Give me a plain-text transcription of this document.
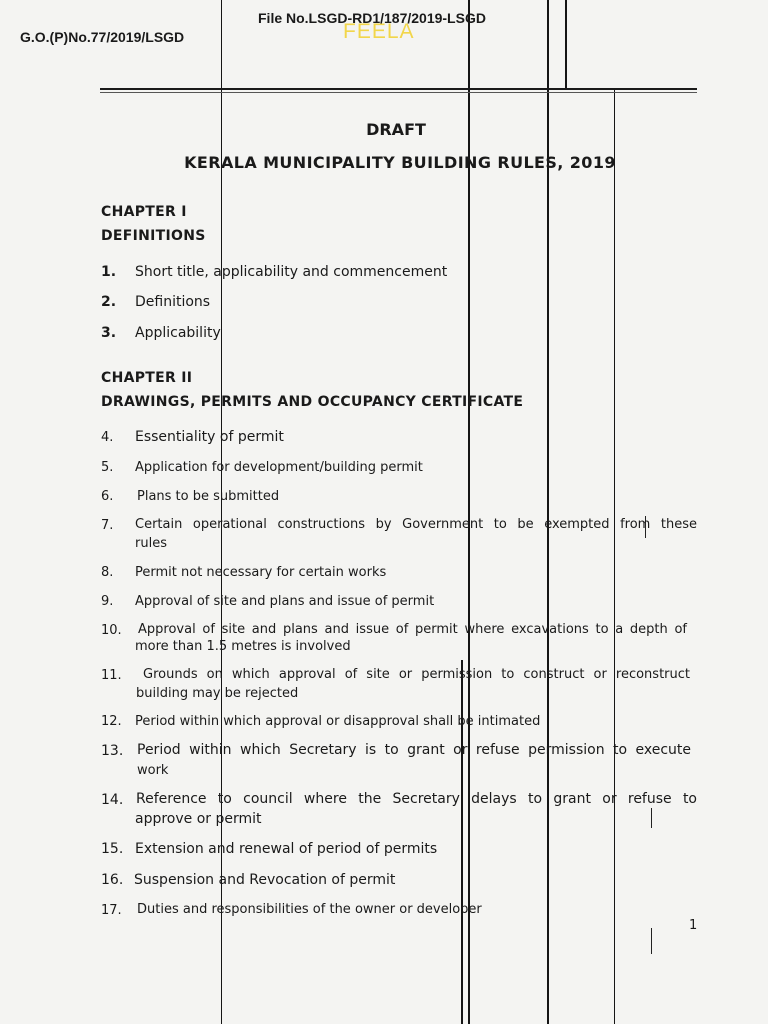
G.O.(P)No.77/2019/LSGD
File No.LSGD-RD1/187/2019-LSGD
FEELA
DRAFT
KERALA MUNICIPALITY BUILDING RULES, 2019
CHAPTER I
DEFINITIONS
1. Short title, applicability and commencement
2. Definitions
3. Applicability
CHAPTER II
DRAWINGS, PERMITS AND OCCUPANCY CERTIFICATE
4. Essentiality of permit
5. Application for development/building permit
6. Plans to be submitted
7. Certain operational constructions by Government to be exempted from these
rules
8. Permit not necessary for certain works
9. Approval of site and plans and issue of permit
10. Approval of site and plans and issue of permit where excavations to a depth of
more than 1.5 metres is involved
11. Grounds on which approval of site or permission to construct or reconstruct
building may be rejected
12. Period within which approval or disapproval shall be intimated
13. Period within which Secretary is to grant or refuse permission to execute
work
14. Reference to council where the Secretary delays to grant or refuse to
approve or permit
15. Extension and renewal of period of permits
16. Suspension and Revocation of permit
17. Duties and responsibilities of the owner or developer
1
